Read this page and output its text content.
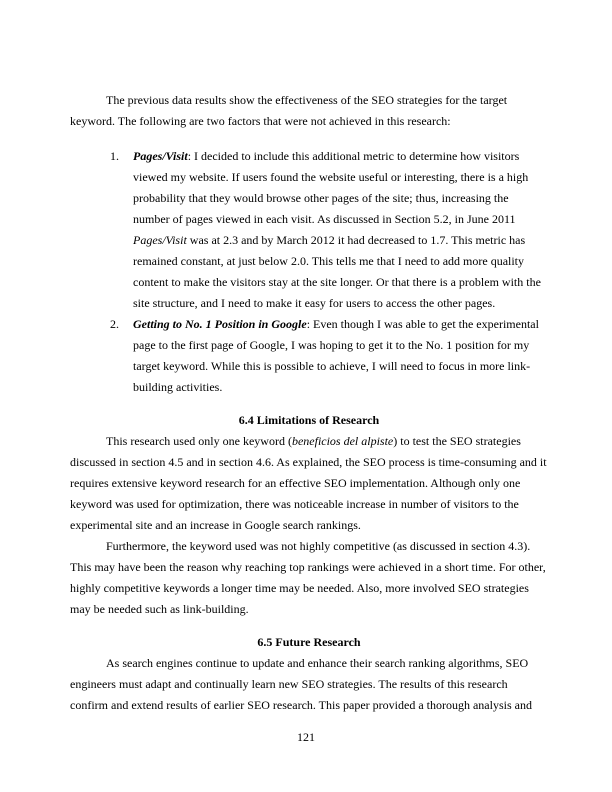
The previous data results show the effectiveness of the SEO strategies for the target keyword. The following are two factors that were not achieved in this research:

1.	Pages/Visit: I decided to include this additional metric to determine how visitors viewed my website. If users found the website useful or interesting, there is a high probability that they would browse other pages of the site; thus, increasing the number of pages viewed in each visit. As discussed in Section 5.2, in June 2011 Pages/Visit was at 2.3 and by March 2012 it had decreased to 1.7. This metric has remained constant, at just below 2.0. This tells me that I need to add more quality content to make the visitors stay at the site longer. Or that there is a problem with the site structure, and I need to make it easy for users to access the other pages.
2.	Getting to No. 1 Position in Google: Even though I was able to get the experimental page to the first page of Google, I was hoping to get it to the No. 1 position for my target keyword. While this is possible to achieve, I will need to focus in more link-building activities.
6.4 Limitations of Research

This research used only one keyword (beneficios del alpiste) to test the SEO strategies discussed in section 4.5 and in section 4.6. As explained, the SEO process is time-consuming and it requires extensive keyword research for an effective SEO implementation. Although only one keyword was used for optimization, there was noticeable increase in number of visitors to the experimental site and an increase in Google search rankings.

Furthermore, the keyword used was not highly competitive (as discussed in section 4.3). This may have been the reason why reaching top rankings were achieved in a short time. For other, highly competitive keywords a longer time may be needed. Also, more involved SEO strategies may be needed such as link-building.

6.5 Future Research

As search engines continue to update and enhance their search ranking algorithms, SEO engineers must adapt and continually learn new SEO strategies. The results of this research confirm and extend results of earlier SEO research. This paper provided a thorough analysis and

121
